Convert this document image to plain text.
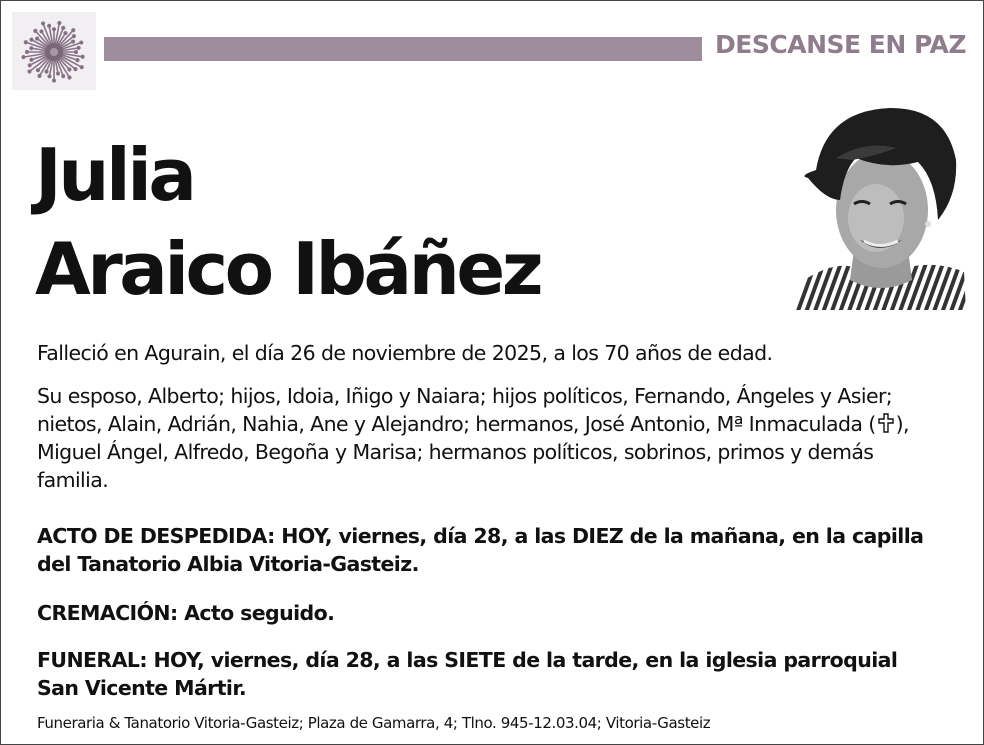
DESCANSE EN PAZ
Julia
Araico Ibáñez
Falleció en Agurain, el día 26 de noviembre de 2025, a los 70 años de edad.
Su esposo, Alberto; hijos, Idoia, Iñigo y Naiara; hijos políticos, Fernando, Ángeles y Asier; nietos, Alain, Adrián, Nahia, Ane y Alejandro; hermanos, José Antonio, Mª Inmaculada ( ), Miguel Ángel, Alfredo, Begoña y Marisa; hermanos políticos, sobrinos, primos y demás familia.
ACTO DE DESPEDIDA: HOY, viernes, día 28, a las DIEZ de la mañana, en la capilla del Tanatorio Albia Vitoria-Gasteiz.
CREMACIÓN: Acto seguido.
FUNERAL: HOY, viernes, día 28, a las SIETE de la tarde, en la iglesia parroquial San Vicente Mártir.
Funeraria & Tanatorio Vitoria-Gasteiz; Plaza de Gamarra, 4; Tlno. 945-12.03.04; Vitoria-Gasteiz
